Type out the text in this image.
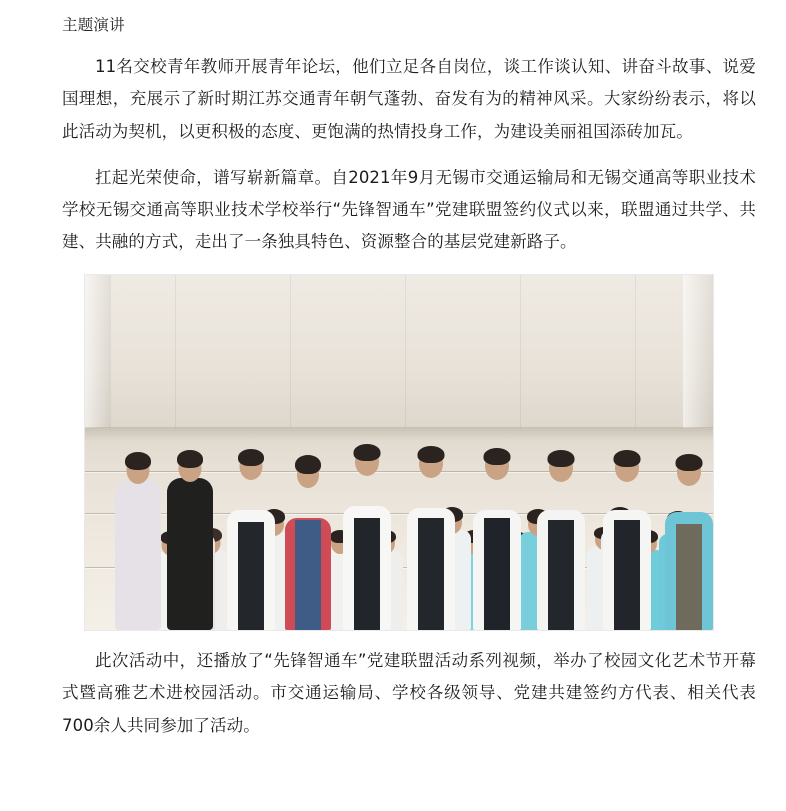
主题演讲

11名交校青年教师开展青年论坛，他们立足各自岗位，谈工作谈认知、讲奋斗故事、说爱国理想，充展示了新时期江苏交通青年朝气蓬勃、奋发有为的精神风采。大家纷纷表示，将以此活动为契机，以更积极的态度、更饱满的热情投身工作，为建设美丽祖国添砖加瓦。

扛起光荣使命，谱写崭新篇章。自2021年9月无锡市交通运输局和无锡交通高等职业技术学校无锡交通高等职业技术学校举行“先锋智通车”党建联盟签约仪式以来，联盟通过共学、共建、共融的方式，走出了一条独具特色、资源整合的基层党建新路子。

此次活动中，还播放了“先锋智通车”党建联盟活动系列视频，举办了校园文化艺术节开幕式暨高雅艺术进校园活动。市交通运输局、学校各级领导、党建共建签约方代表、相关代表700余人共同参加了活动。
